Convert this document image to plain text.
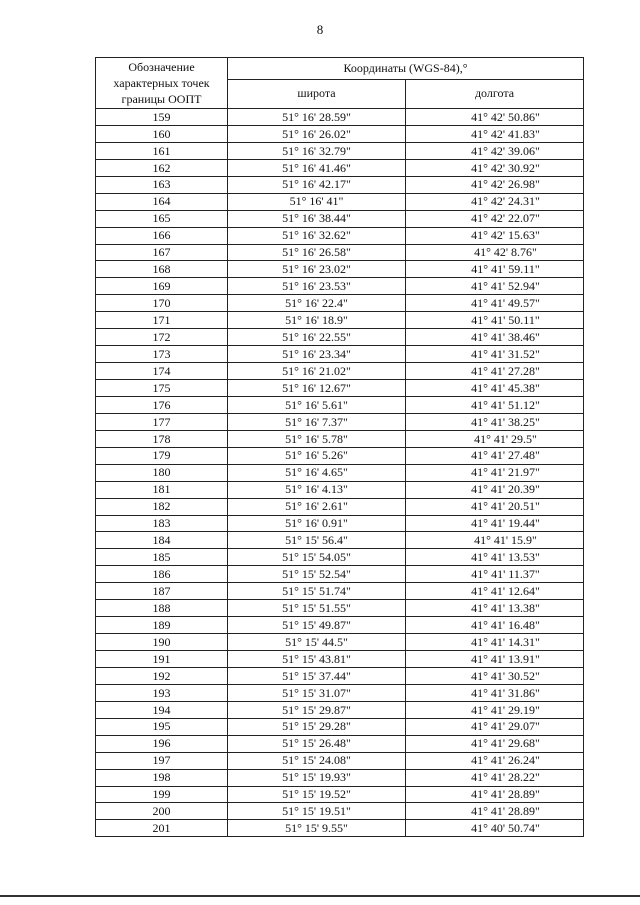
8
Обозначение характерных точек границы ООПТ	Координаты (WGS-84),°	
	широта	долгота
159	51° 16' 28.59"	41° 42' 50.86"
160	51° 16' 26.02"	41° 42' 41.83"
161	51° 16' 32.79"	41° 42' 39.06"
162	51° 16' 41.46"	41° 42' 30.92"
163	51° 16' 42.17"	41° 42' 26.98"
164	51° 16' 41"	41° 42' 24.31"
165	51° 16' 38.44"	41° 42' 22.07"
166	51° 16' 32.62"	41° 42' 15.63"
167	51° 16' 26.58"	41° 42' 8.76"
168	51° 16' 23.02"	41° 41' 59.11"
169	51° 16' 23.53"	41° 41' 52.94"
170	51° 16' 22.4"	41° 41' 49.57"
171	51° 16' 18.9"	41° 41' 50.11"
172	51° 16' 22.55"	41° 41' 38.46"
173	51° 16' 23.34"	41° 41' 31.52"
174	51° 16' 21.02"	41° 41' 27.28"
175	51° 16' 12.67"	41° 41' 45.38"
176	51° 16' 5.61"	41° 41' 51.12"
177	51° 16' 7.37"	41° 41' 38.25"
178	51° 16' 5.78"	41° 41' 29.5"
179	51° 16' 5.26"	41° 41' 27.48"
180	51° 16' 4.65"	41° 41' 21.97"
181	51° 16' 4.13"	41° 41' 20.39"
182	51° 16' 2.61"	41° 41' 20.51"
183	51° 16' 0.91"	41° 41' 19.44"
184	51° 15' 56.4"	41° 41' 15.9"
185	51° 15' 54.05"	41° 41' 13.53"
186	51° 15' 52.54"	41° 41' 11.37"
187	51° 15' 51.74"	41° 41' 12.64"
188	51° 15' 51.55"	41° 41' 13.38"
189	51° 15' 49.87"	41° 41' 16.48"
190	51° 15' 44.5"	41° 41' 14.31"
191	51° 15' 43.81"	41° 41' 13.91"
192	51° 15' 37.44"	41° 41' 30.52"
193	51° 15' 31.07"	41° 41' 31.86"
194	51° 15' 29.87"	41° 41' 29.19"
195	51° 15' 29.28"	41° 41' 29.07"
196	51° 15' 26.48"	41° 41' 29.68"
197	51° 15' 24.08"	41° 41' 26.24"
198	51° 15' 19.93"	41° 41' 28.22"
199	51° 15' 19.52"	41° 41' 28.89"
200	51° 15' 19.51"	41° 41' 28.89"
201	51° 15' 9.55"	41° 40' 50.74"
